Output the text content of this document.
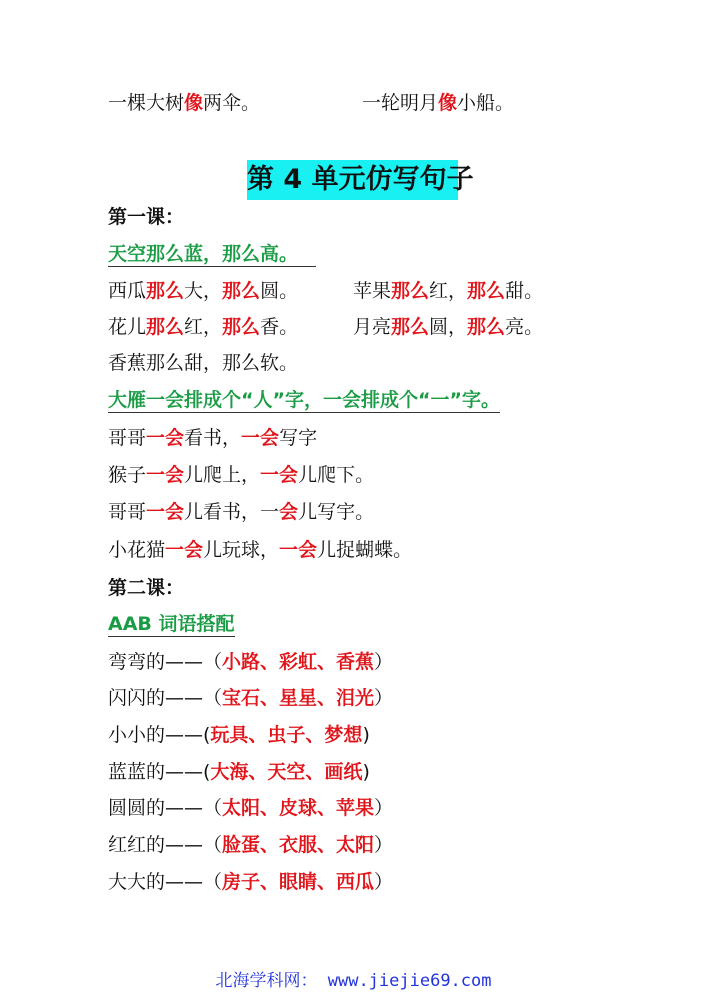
一棵大树像两伞。	一轮明月像小船。
第 4 单元仿写句子
第一课：
天空那么蓝，那么高。
西瓜那么大，那么圆。	苹果那么红，那么甜。
花儿那么红，那么香。	月亮那么圆，那么亮。
香蕉那么甜，那么软。
大雁一会排成个“人”字，一会排成个“一”字。
哥哥一会看书，一会写字
猴子一会儿爬上，一会儿爬下。
哥哥一会儿看书，一会儿写宇。
小花猫一会儿玩球，一会儿捉蝴蝶。
第二课：
AAB 词语搭配
弯弯的——（小路、彩虹、香蕉）
闪闪的——（宝石、星星、泪光）
小小的——(玩具、虫子、梦想)
蓝蓝的——(大海、天空、画纸)
圆圆的——（太阳、皮球、苹果）
红红的——（脸蛋、衣服、太阳）
大大的——（房子、眼睛、西瓜）
北海学科网： www.jiejie69.com
